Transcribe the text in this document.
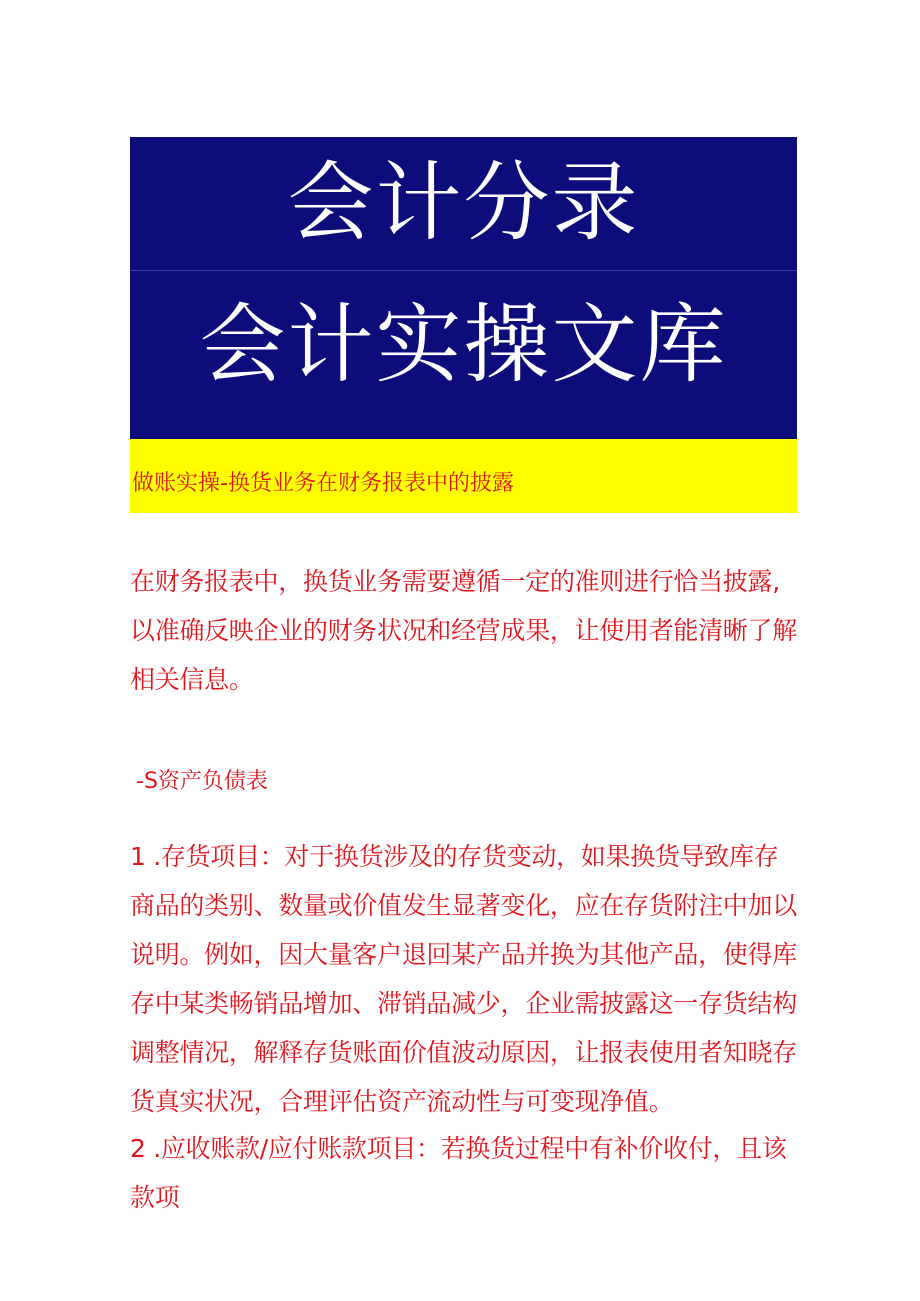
会计分录
会计实操文库
做账实操-换货业务在财务报表中的披露
在财务报表中，换货业务需要遵循一定的准则进行恰当披露,以准确反映企业的财务状况和经营成果，让使用者能清晰了解相关信息。
-S资产负债表
1 .存货项目：对于换货涉及的存货变动，如果换货导致库存商品的类别、数量或价值发生显著变化，应在存货附注中加以说明。例如，因大量客户退回某产品并换为其他产品，使得库存中某类畅销品增加、滞销品减少，企业需披露这一存货结构调整情况，解释存货账面价值波动原因，让报表使用者知晓存货真实状况，合理评估资产流动性与可变现净值。
2 .应收账款/应付账款项目：若换货过程中有补价收付，且该款项
